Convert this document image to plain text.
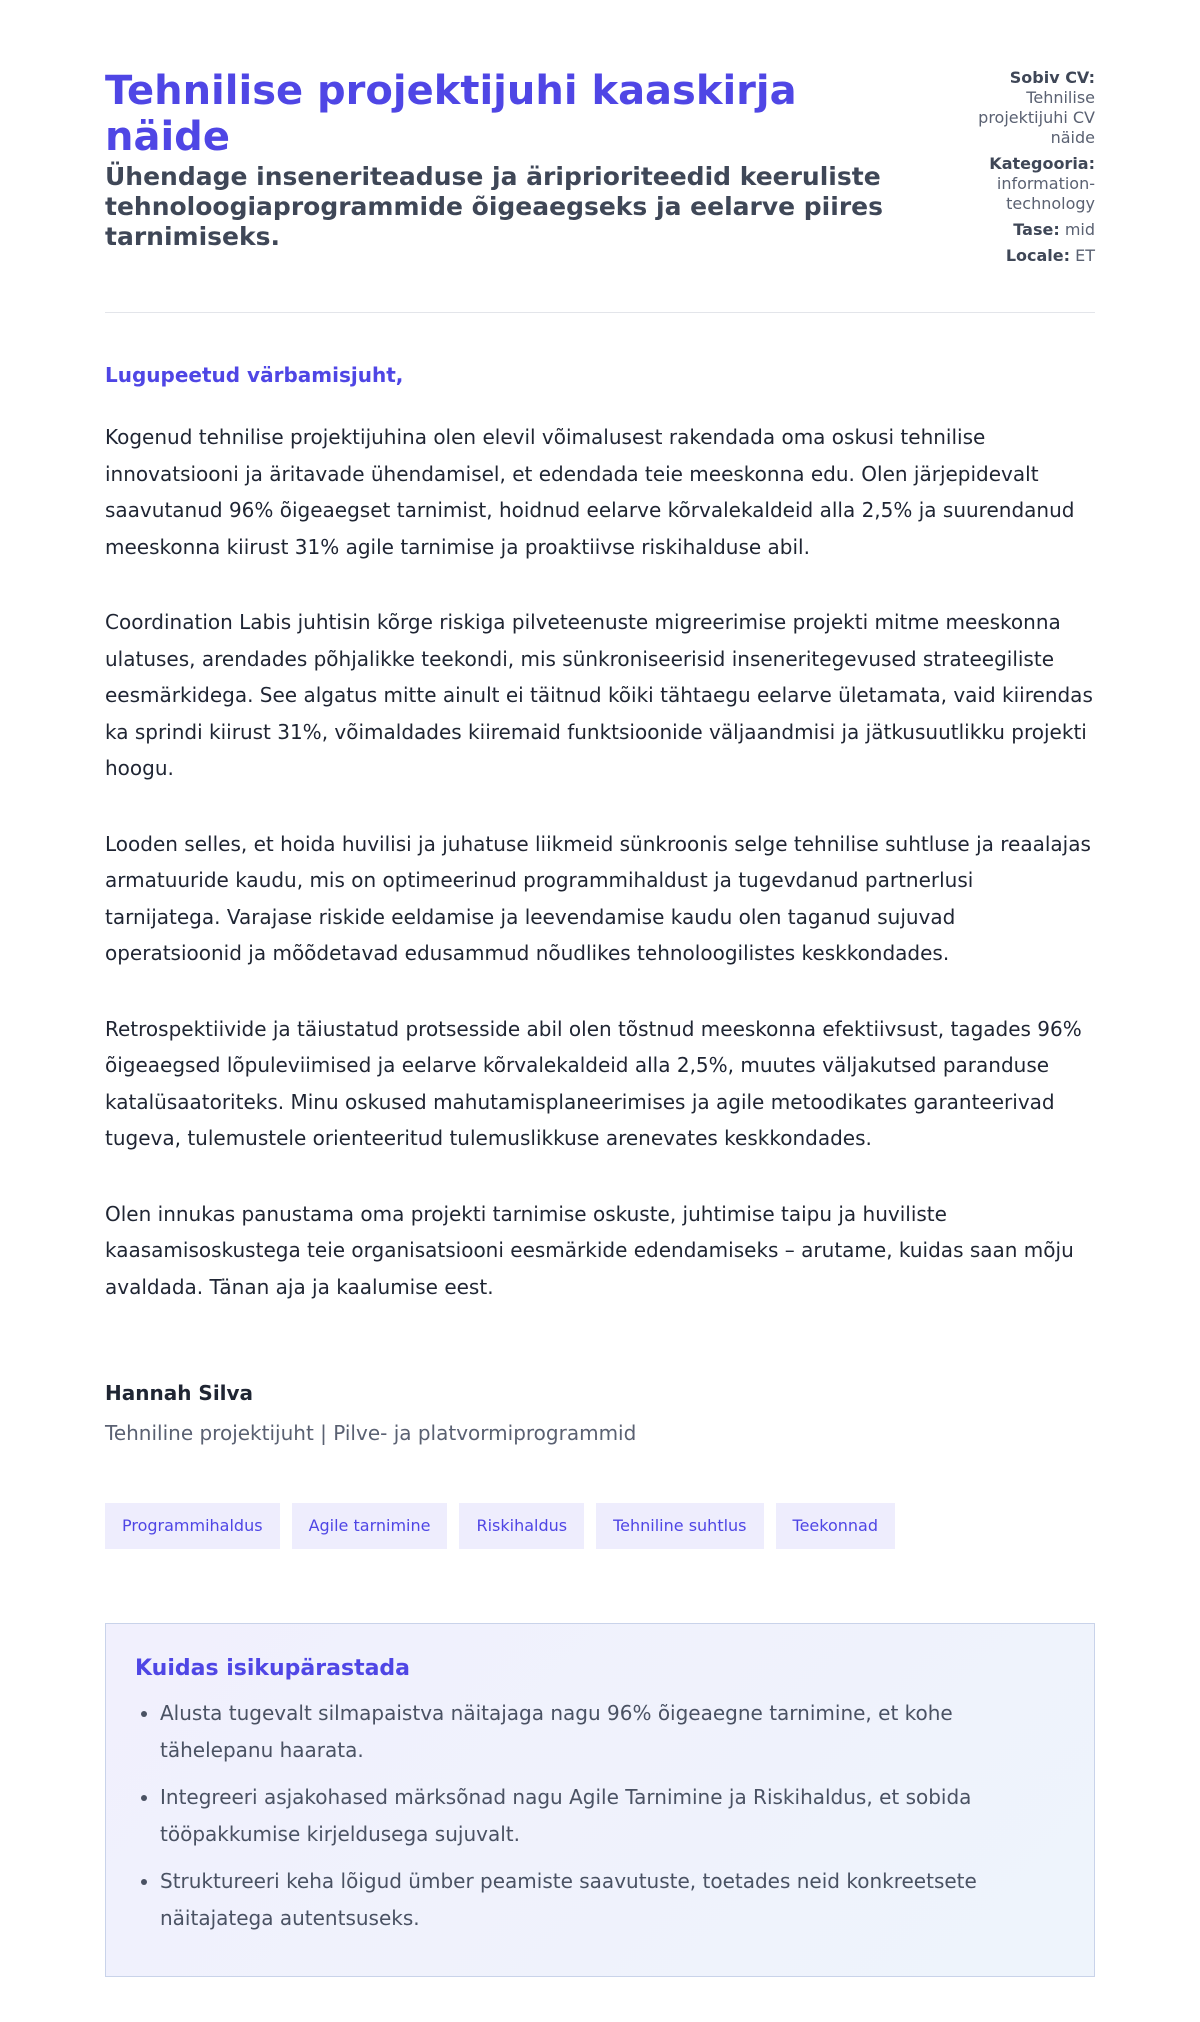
Tehnilise projektijuhi kaaskirja näide
Ühendage inseneriteaduse ja äriprioriteedid keeruliste tehnoloogiaprogrammide õigeaegseks ja eelarve piires tarnimiseks.
Sobiv CV:
Tehnilise projektijuhi CV näide
Kategooria:
information-technology
Tase: mid
Locale: ET
Lugupeetud värbamisjuht,

Kogenud tehnilise projektijuhina olen elevil võimalusest rakendada oma oskusi tehnilise innovatsiooni ja äritavade ühendamisel, et edendada teie meeskonna edu. Olen järjepidevalt saavutanud 96% õigeaegset tarnimist, hoidnud eelarve kõrvalekaldeid alla 2,5% ja suurendanud meeskonna kiirust 31% agile tarnimise ja proaktiivse riskihalduse abil.

Coordination Labis juhtisin kõrge riskiga pilveteenuste migreerimise projekti mitme meeskonna ulatuses, arendades põhjalikke teekondi, mis sünkroniseerisid inseneritegevused strateegiliste eesmärkidega. See algatus mitte ainult ei täitnud kõiki tähtaegu eelarve ületamata, vaid kiirendas ka sprindi kiirust 31%, võimaldades kiiremaid funktsioonide väljaandmisi ja jätkusuutlikku projekti hoogu.

Looden selles, et hoida huvilisi ja juhatuse liikmeid sünkroonis selge tehnilise suhtluse ja reaalajas armatuuride kaudu, mis on optimeerinud programmihaldust ja tugevdanud partnerlusi tarnijatega. Varajase riskide eeldamise ja leevendamise kaudu olen taganud sujuvad operatsioonid ja mõõdetavad edusammud nõudlikes tehnoloogilistes keskkondades.

Retrospektiivide ja täiustatud protsesside abil olen tõstnud meeskonna efektiivsust, tagades 96% õigeaegsed lõpuleviimised ja eelarve kõrvalekaldeid alla 2,5%, muutes väljakutsed paranduse katalüsaatoriteks. Minu oskused mahutamisplaneerimises ja agile metoodikates garanteerivad tugeva, tulemustele orienteeritud tulemuslikkuse arenevates keskkondades.

Olen innukas panustama oma projekti tarnimise oskuste, juhtimise taipu ja huviliste kaasamisoskustega teie organisatsiooni eesmärkide edendamiseks – arutame, kuidas saan mõju avaldada. Tänan aja ja kaalumise eest.

Hannah Silva
Tehniline projektijuht | Pilve- ja platvormiprogrammid
Programmihaldus	Agile tarnimine	Riskihaldus	Tehniline suhtlus	Teekonnad
Kuidas isikupärastada
• Alusta tugevalt silmapaistva näitajaga nagu 96% õigeaegne tarnimine, et kohe tähelepanu haarata.
• Integreeri asjakohased märksõnad nagu Agile Tarnimine ja Riskihaldus, et sobida tööpakkumise kirjeldusega sujuvalt.
• Struktureeri keha lõigud ümber peamiste saavutuste, toetades neid konkreetsete näitajatega autentsuseks.
